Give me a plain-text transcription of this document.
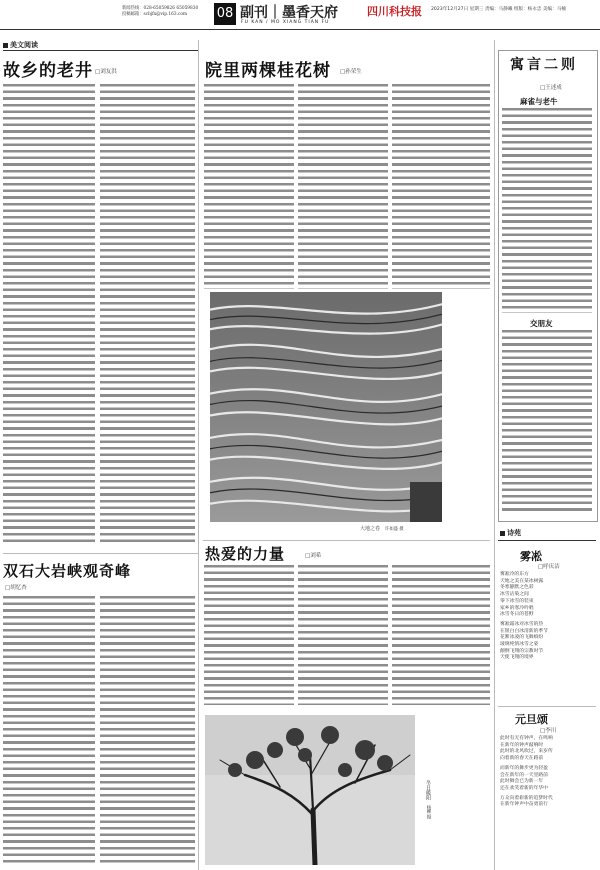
新闻热线：028-65059826 65059830
投稿邮箱：scbjfx@vip.163.com	08 副刊｜墨香天府
FU KAN / MO XIANG TIAN FU
四川科技报 2023年12月27日 星期三 责编：马静曦 组版：杨永忠 美编：马楠
美文阅读
故乡的老井 □刘友洪
双石大岩峡观奇峰
□胡忆杏
院里两棵桂花树 □孙荣生
大地之卷　 许如盛 摄
热爱的力量	□刘希
冬日暖阳　杨柳 摄
寓言二则
□王述成
麻雀与老牛
交朋友
诗苑
雾凇
□呼庆洁
雾凇冷的东方
天地之美在某冰树露
冬寒静默之色彩
冰雪沾染之间
零下冰雪的装束
家乡的寒冷吟唱
冰雪冬日的苍野
雾凇霜冰对冰雪的热
在银白白冰清新的季节
花絮冰凌的飞舞缤纷
玻璃纯情冰雪之姿
颠倒飞翔的宗教时节
天使飞翔的境界
元旦颂
□李川
此时有无有钟声，在鸣响
在新年的钟声敲响时
此时的北风吹过，来岁传
向着新的春天在路前
而新年的舞步更为轻盈
会在新年的一天里路前
此时舞会已为新一年
还在欢笑着新的年华中
万众向着崭新的追梦时代
在新年钟声中奋勇前行
